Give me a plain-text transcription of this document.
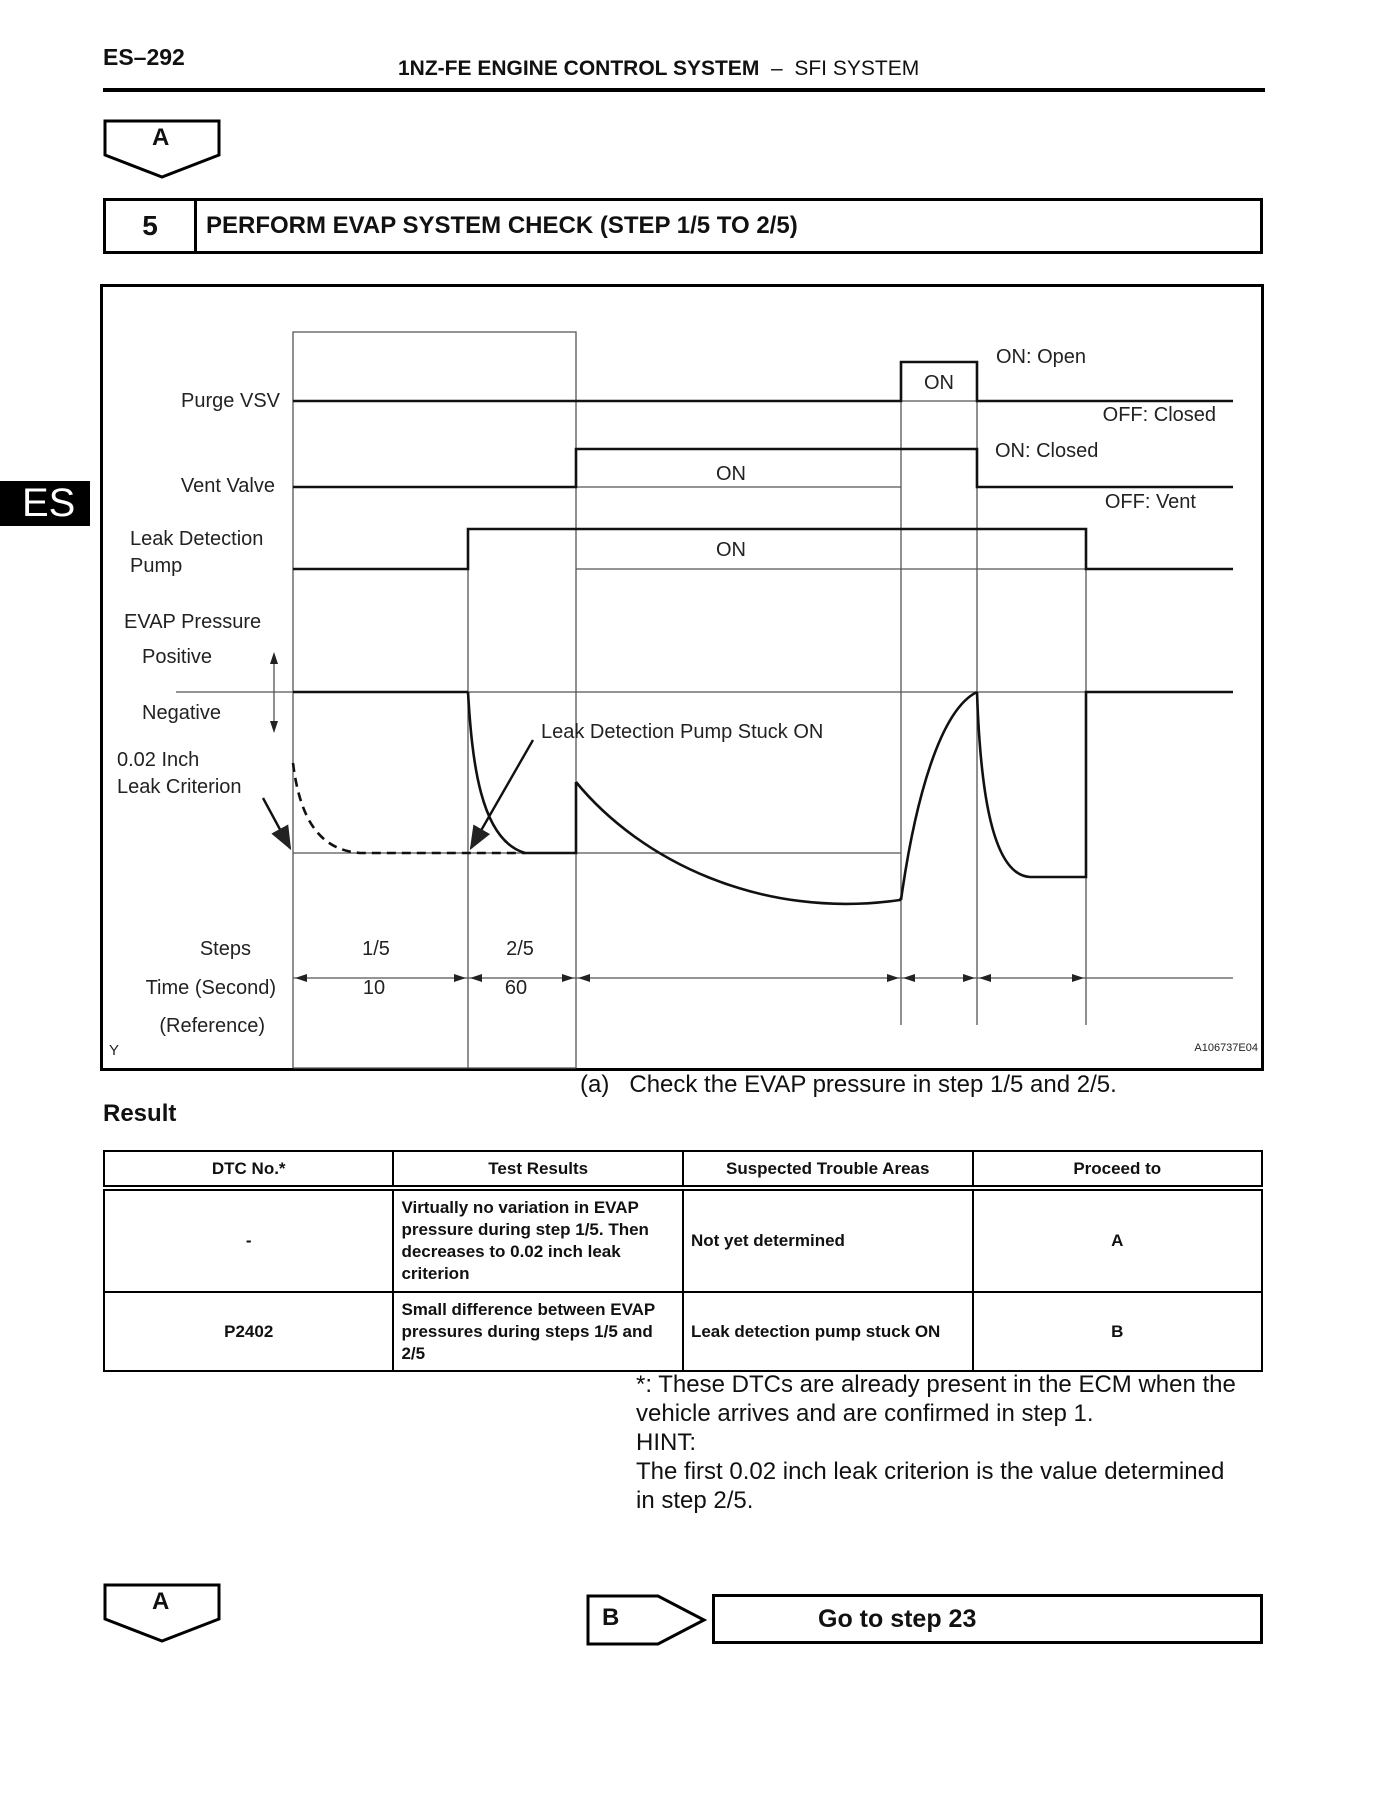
ES–292	1NZ-FE ENGINE CONTROL SYSTEM – SFI SYSTEM
ES
A
5	PERFORM EVAP SYSTEM CHECK (STEP 1/5 TO 2/5)
Purge VSV
Vent Valve
Leak Detection
Pump
ON
ON
ON
ON: Open
OFF: Closed
ON: Closed
OFF: Vent
EVAP Pressure
Positive
Negative
0.02 Inch
Leak Criterion
Leak Detection Pump Stuck ON
Steps
Time (Second)
(Reference)
1/5	2/5
10	60
Y	A106737E04
(a) Check the EVAP pressure in step 1/5 and 2/5.
Result
DTC No.*	Test Results	Suspected Trouble Areas	Proceed to
-	Virtually no variation in EVAP pressure during step 1/5. Then decreases to 0.02 inch leak criterion	Not yet determined	A
P2402	Small difference between EVAP pressures during steps 1/5 and 2/5	Leak detection pump stuck ON	B
*: These DTCs are already present in the ECM when the
vehicle arrives and are confirmed in step 1.
HINT:
The first 0.02 inch leak criterion is the value determined
in step 2/5.
B	Go to step 23
A
